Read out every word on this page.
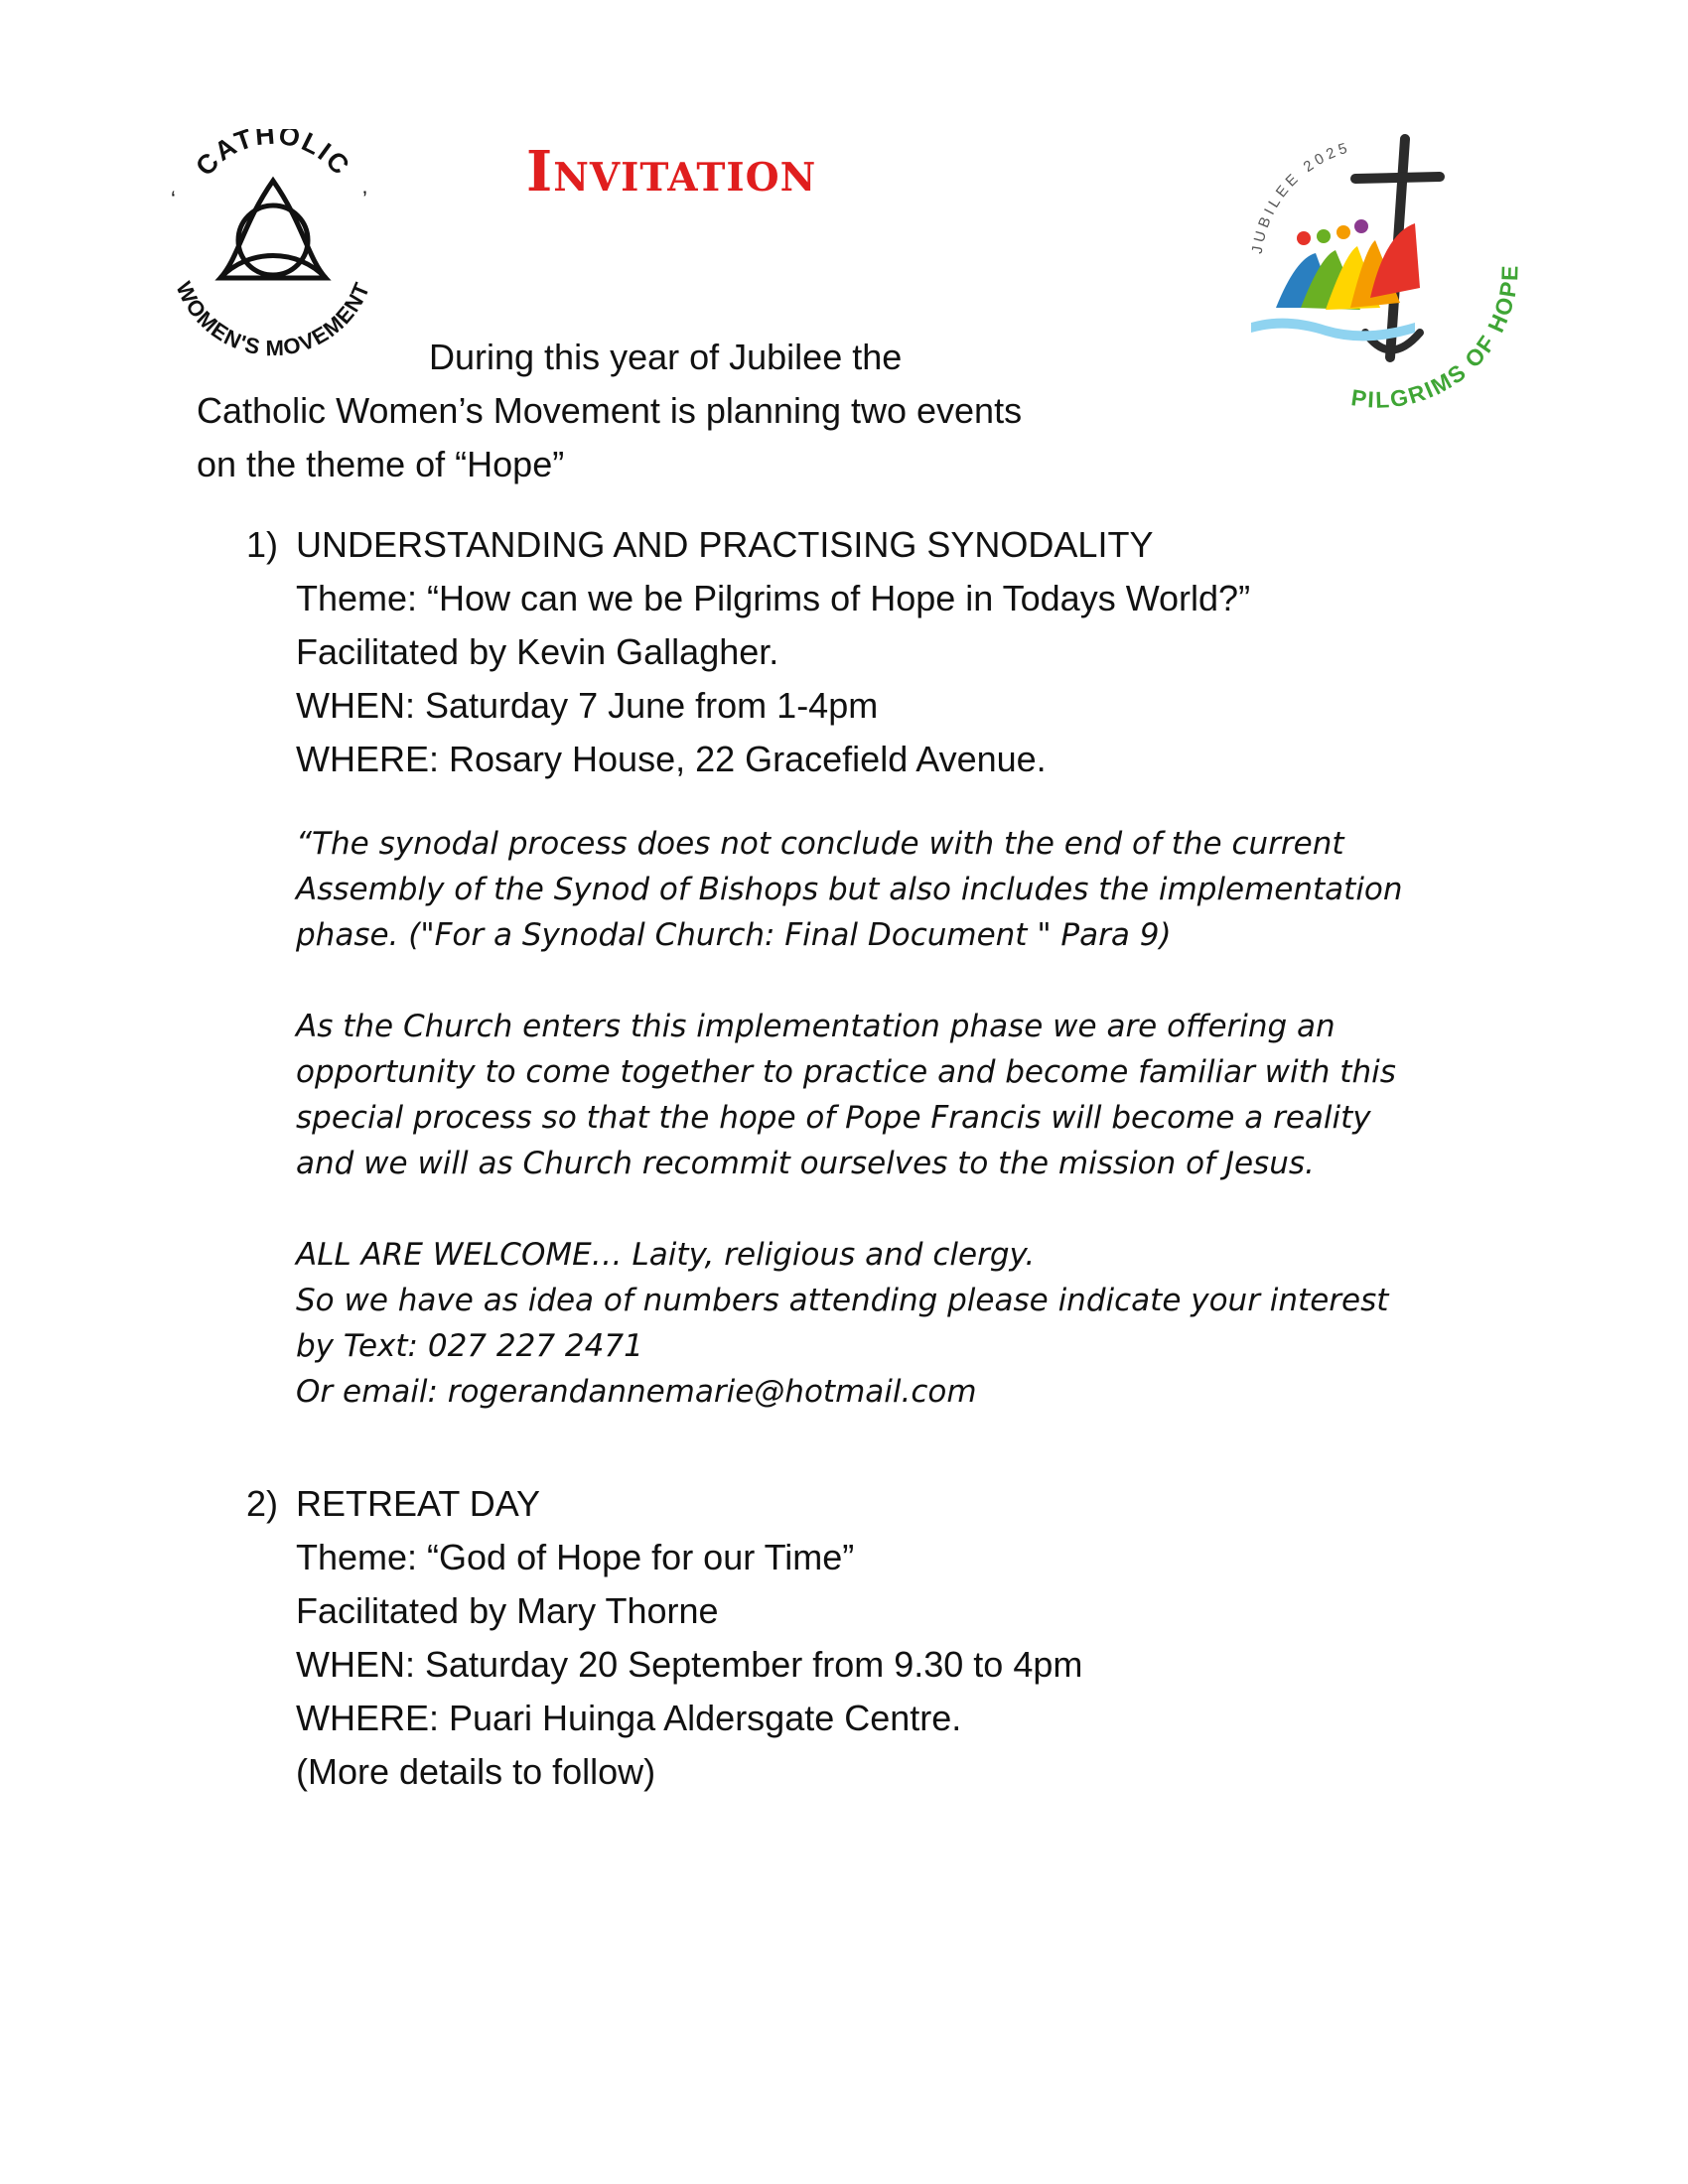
CATHOLIC
WOMEN'S MOVEMENT
‘	’	Invitation
JUBILEE 2025
PILGRIMS OF HOPE
During this year of Jubilee the
Catholic Women’s Movement is planning two events
on the theme of “Hope”
1) UNDERSTANDING AND PRACTISING SYNODALITY
Theme: “How can we be Pilgrims of Hope in Todays World?”
Facilitated by Kevin Gallagher.
WHEN: Saturday 7 June from 1-4pm
WHERE: Rosary House, 22 Gracefield Avenue.
“The synodal process does not conclude with the end of the current
Assembly of the Synod of Bishops but also includes the implementation
phase. ("For a Synodal Church: Final Document " Para 9)
As the Church enters this implementation phase we are offering an
opportunity to come together to practice and become familiar with this
special process so that the hope of Pope Francis will become a reality
and we will as Church recommit ourselves to the mission of Jesus.
ALL ARE WELCOME… Laity, religious and clergy.
So we have as idea of numbers attending please indicate your interest
by Text: 027 227 2471
Or email: rogerandannemarie@hotmail.com
2) RETREAT DAY
Theme: “God of Hope for our Time”
Facilitated by Mary Thorne
WHEN: Saturday 20 September from 9.30 to 4pm
WHERE: Puari Huinga Aldersgate Centre.
(More details to follow)
